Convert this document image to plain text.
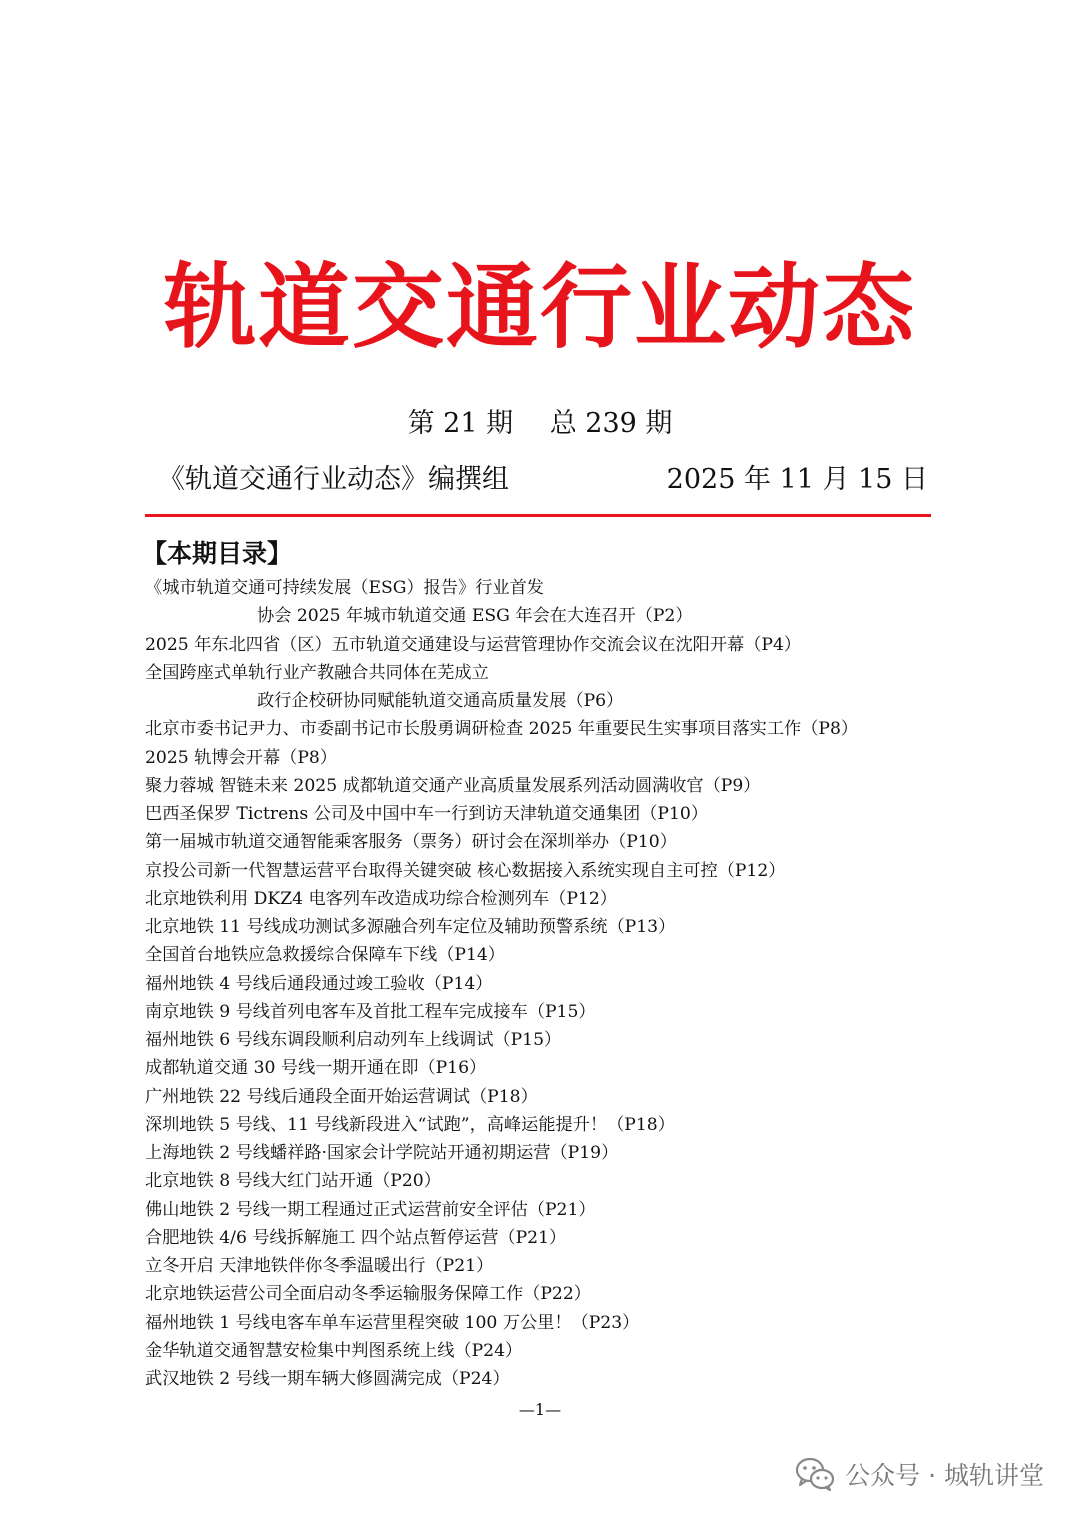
轨道交通行业动态
第 21 期 总 239 期
《轨道交通行业动态》编撰组	2025 年 11 月 15 日
【本期目录】
《城市轨道交通可持续发展（ESG）报告》行业首发
协会 2025 年城市轨道交通 ESG 年会在大连召开（P2）
2025 年东北四省（区）五市轨道交通建设与运营管理协作交流会议在沈阳开幕（P4）
全国跨座式单轨行业产教融合共同体在芜成立
政行企校研协同赋能轨道交通高质量发展（P6）
北京市委书记尹力、市委副书记市长殷勇调研检查 2025 年重要民生实事项目落实工作（P8）
2025 轨博会开幕（P8）
聚力蓉城 智链未来 2025 成都轨道交通产业高质量发展系列活动圆满收官（P9）
巴西圣保罗 Tictrens 公司及中国中车一行到访天津轨道交通集团（P10）
第一届城市轨道交通智能乘客服务（票务）研讨会在深圳举办（P10）
京投公司新一代智慧运营平台取得关键突破 核心数据接入系统实现自主可控（P12）
北京地铁利用 DKZ4 电客列车改造成功综合检测列车（P12）
北京地铁 11 号线成功测试多源融合列车定位及辅助预警系统（P13）
全国首台地铁应急救援综合保障车下线（P14）
福州地铁 4 号线后通段通过竣工验收（P14）
南京地铁 9 号线首列电客车及首批工程车完成接车（P15）
福州地铁 6 号线东调段顺利启动列车上线调试（P15）
成都轨道交通 30 号线一期开通在即（P16）
广州地铁 22 号线后通段全面开始运营调试（P18）
深圳地铁 5 号线、11 号线新段进入“试跑”，高峰运能提升！（P18）
上海地铁 2 号线蟠祥路·国家会计学院站开通初期运营（P19）
北京地铁 8 号线大红门站开通（P20）
佛山地铁 2 号线一期工程通过正式运营前安全评估（P21）
合肥地铁 4/6 号线拆解施工 四个站点暂停运营（P21）
立冬开启 天津地铁伴你冬季温暖出行（P21）
北京地铁运营公司全面启动冬季运输服务保障工作（P22）
福州地铁 1 号线电客车单车运营里程突破 100 万公里！（P23）
金华轨道交通智慧安检集中判图系统上线（P24）
武汉地铁 2 号线一期车辆大修圆满完成（P24）
—1—
公众号 · 城轨讲堂
